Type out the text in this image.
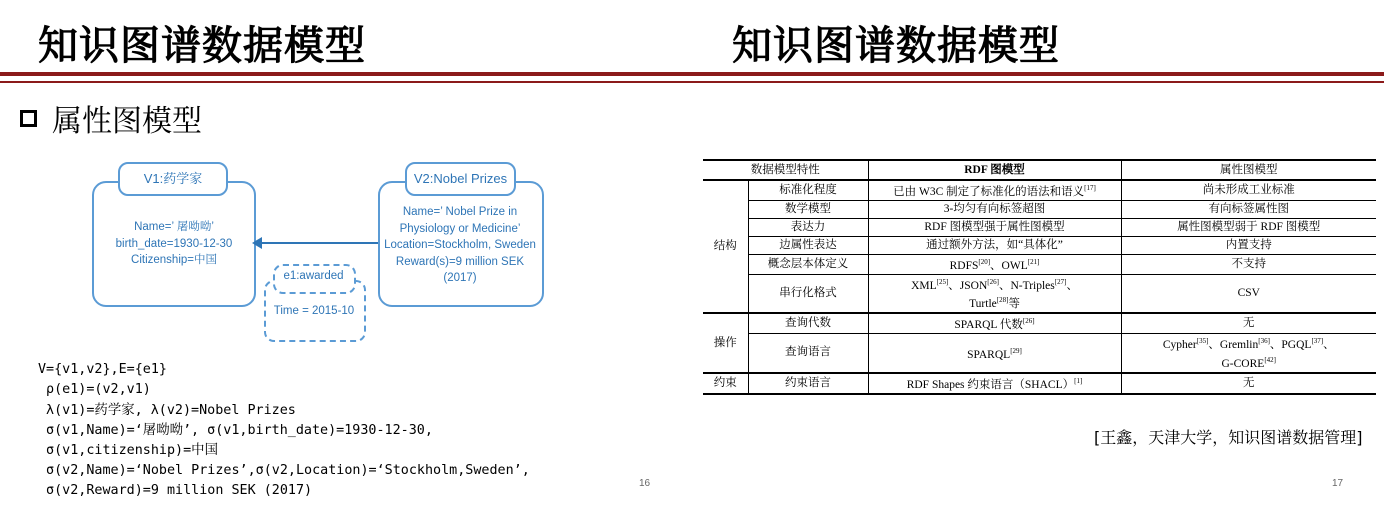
知识图谱数据模型	知识图谱数据模型
属性图模型
V1:药学家
Name=’ 屠呦呦’
birth_date=1930-12-30
Citizenship=中国
V2:Nobel Prizes
Name=’ Nobel Prize in
Physiology or Medicine’
Location=Stockholm, Sweden
Reward(s)=9 million SEK
(2017)
e1:awarded
Time = 2015-10

V={v1,v2},E={e1}
ρ(e1)=(v2,v1)
λ(v1)=药学家, λ(v2)=Nobel Prizes
σ(v1,Name)=‘屠呦呦’, σ(v1,birth_date)=1930-12-30,
σ(v1,citizenship)=中国
σ(v2,Name)=‘Nobel Prizes’,σ(v2,Location)=‘Stockholm,Sweden’,
σ(v2,Reward)=9 million SEK (2017)	16	17
数据模型特性		RDF 图模型	属性图模型
结构	标准化程度	已由 W3C 制定了标准化的语法和语义[17]	尚未形成工业标准
	数学模型	3-均匀有向标签超图	有向标签属性图
	表达力	RDF 图模型强于属性图模型	属性图模型弱于 RDF 图模型
	边属性表达	通过额外方法，如“具体化”	内置支持
	概念层本体定义	RDFS[20]、OWL[21]	不支持
	串行化格式	XML[25]、JSON[26]、N-Triples[27]、
Turtle[28]等	CSV
操作	查询代数	SPARQL 代数[26]	无
	查询语言	SPARQL[29]	Cypher[35]、Gremlin[36]、PGQL[37]、
G-CORE[42]

约束	约束语言	RDF Shapes 约束语言（SHACL）[1]	无
[王鑫，天津大学，知识图谱数据管理]
